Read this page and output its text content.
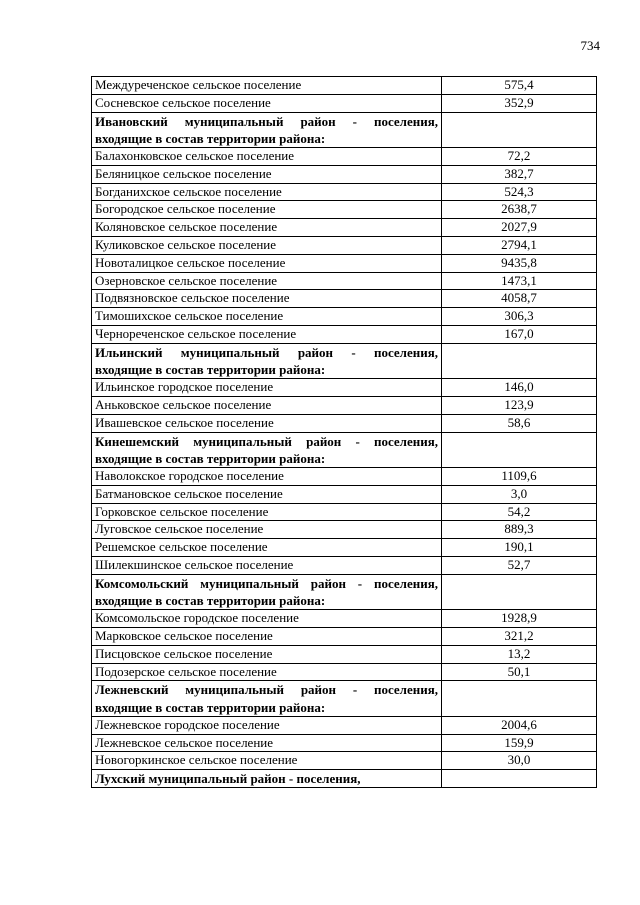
734
Междуреченское сельское поселение	575,4
Сосневское сельское поселение	352,9
Ивановский муниципальный район - поселения, входящие в состав территории района:	
Балахонковское сельское поселение	72,2
Беляницкое сельское поселение	382,7
Богданихское сельское поселение	524,3
Богородское сельское поселение	2638,7
Коляновское сельское поселение	2027,9
Куликовское сельское поселение	2794,1
Новоталицкое сельское поселение	9435,8
Озерновское сельское поселение	1473,1
Подвязновское сельское поселение	4058,7
Тимошихское сельское поселение	306,3
Чернореченское сельское поселение	167,0
Ильинский муниципальный район - поселения, входящие в состав территории района:	
Ильинское городское поселение	146,0
Аньковское сельское поселение	123,9
Ивашевское сельское поселение	58,6
Кинешемский муниципальный район - поселения, входящие в состав территории района:	
Наволокское городское поселение	1109,6
Батмановское сельское поселение	3,0
Горковское сельское поселение	54,2
Луговское сельское поселение	889,3
Решемское сельское поселение	190,1
Шилекшинское сельское поселение	52,7
Комсомольский муниципальный район - поселения, входящие в состав территории района:	
Комсомольское городское поселение	1928,9
Марковское сельское поселение	321,2
Писцовское сельское поселение	13,2
Подозерское сельское поселение	50,1
Лежневский муниципальный район - поселения, входящие в состав территории района:	
Лежневское городское поселение	2004,6
Лежневское сельское поселение	159,9
Новогоркинское сельское поселение	30,0
Лухский муниципальный район - поселения,	
